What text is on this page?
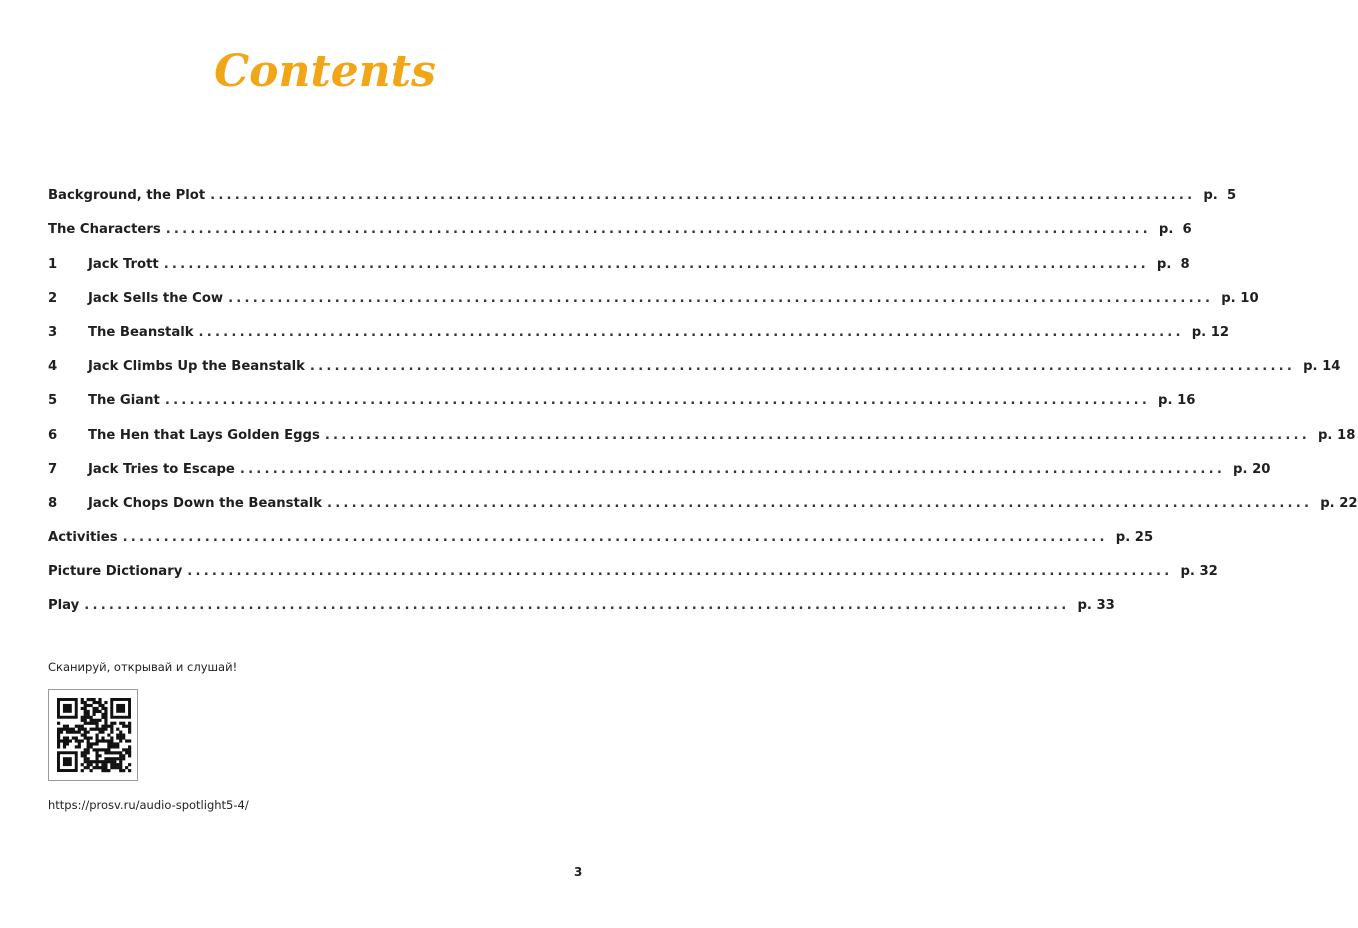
Contents
Background, the Plot ........................................................................................................................ p.  5
The Characters ........................................................................................................................ p.  6
1	Jack Trott ........................................................................................................................ p.  8
2	Jack Sells the Cow ........................................................................................................................ p. 10
3	The Beanstalk ........................................................................................................................ p. 12
4	Jack Climbs Up the Beanstalk ........................................................................................................................ p. 14
5	The Giant ........................................................................................................................ p. 16
6	The Hen that Lays Golden Eggs ........................................................................................................................ p. 18
7	Jack Tries to Escape ........................................................................................................................ p. 20
8	Jack Chops Down the Beanstalk ........................................................................................................................ p. 22
Activities ........................................................................................................................ p. 25
Picture Dictionary ........................................................................................................................ p. 32
Play ........................................................................................................................ p. 33
Сканируй, открывай и слушай!
https://prosv.ru/audio-spotlight5-4/
3
